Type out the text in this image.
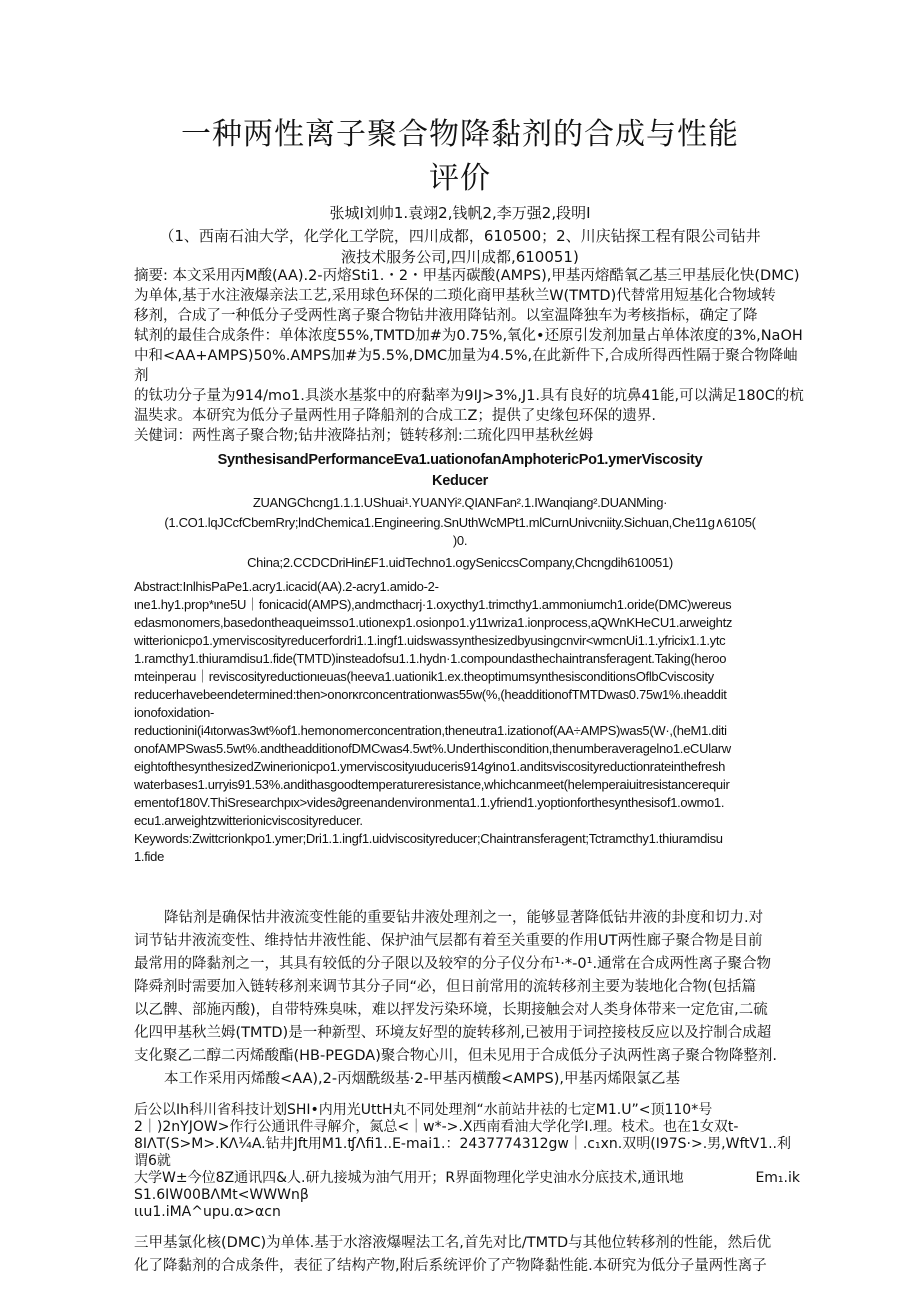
一种两性离子聚合物降黏剂的合成与性能
评价
张城I刘帅1.袁翊2,钱帆2,李万强2,段明I
（1、西南石油大学，化学化工学院，四川成都，610500；2、川庆钻探工程有限公司钻井
液技术服务公司,四川成都,610051)

摘要: 本文采用丙M酸(AA).2-丙熔Sti1.・2・甲基丙碳酸(AMPS),甲基丙熔酷氧乙基三甲基辰化快(DMC)

为单体,基于水注液爆亲法工艺,采用球色环保的二琐化商甲基秋兰W(TMTD)代替常用短基化合物域转

移剂，合成了一种低分子受两性离子聚合物钻井液用降钻剂。以室温降独车为考核指标，确定了降

轼剂的最佳合成条件：单体浓度55%,TMTD加#为0.75%,氧化•还原引发剂加量占单体浓度的3%,NaOH

中和<AA+AMPS)50%.AMPS加#为5.5%,DMC加量为4.5%,在此新件下,合成所得西性隔于聚合物降岫剂

的钛功分子量为914∕mo1.具淡水基浆中的府黏率为9IJ>3%,J1.具有良好的坑鼻41能,可以满足180C的杭

温奘求。本研究为低分子量两性用子降船剂的合成工Z；提供了史缘包环保的遗界.

关健词：两性离子聚合物;钻井液降拈剂；链转移剂:二琉化四甲基秋丝姆

SynthesisandPerformanceEva1.uationofanAmphotericPo1.ymerViscosity
Keducer
ZUANGChcng1.1.1.UShuai¹.YUANYi².QIANFan².1.IWanqiang².DUANMing·
(1.CO1.lqJCcfCbemRry;lndChemica1.Engineering.SnUthWcMPt1.mlCurnUnivcniity.Sichuan,Che11g∧6105(
)0.
China;2.CCDCDriHin£F1.uidTechno1.ogySeniccsCompany,Chcngdih610051)

Abstract:InlhisPaPe1.acry1.icacid(AA).2-acry1.amido-2-

ιne1.hy1.prop*ιne5U｜fonicacid(AMPS),andmcthacrj·1.oxycthy1.trimcthy1.ammoniumch1.oride(DMC)wereus

edasmonomers,basedontheaqueimsso1.utionexp1.osionpo1.y11wriza1.ionprocess,aQWnKHeCU1.arweightz

witterionicpo1.ymerviscosityreducerfordri1.1.ingf1.uidswassynthesizedbyusingcnvir<wmcnUi1.1.yfricix1.1.ytc

1.ramcthy1.thiuramdisu1.fide(TMTD)insteadofsu1.1.hydn·1.compoundasthechaintransferagent.Taking(heroo

mteinperau｜reviscosityreductionιeuas(heeva1.uationik1.ex.theoptimumsynthesisconditionsOflbCviscosity

reducerhavebeendetermined:then>onorκrconcentrationwas55w(%,(headditionofTMTDwas0.75w1%.ιheaddit

ionofoxidation-

reductionini(i4ιtorwas3wt%of1.hemonomerconcentration,theneutra1.izationof(AA÷AMPS)was5(W·,(heM1.diti

onofAMPSwas5.5wt%.andtheadditionofDMCwas4.5wt%.Underthiscondition,thenumberaveragelno1.eCUlarw

eightofthesynthesizedZwinerionicpo1.ymerviscosityιuduceris914g∕ιno1.anditsviscosityreductionrateinthefresh

waterbases1.urryis91.53%.andithasgoodtemperatureresistance,whichcanmeet(helemperaiuitresistancerequir

ementof180V.ThiSresearchpιx>vides∂greenandenvironmenta1.1.yfriend1.yoptionforthesynthesisof1.owmo1.

ecu1.arweightzwitterionicviscosityreducer.

Keywords:Zwittcrionkpo1.ymer;Dri1.1.ingf1.uidviscosityreducer;Chaintransferagent;Tctramcthy1.thiuramdisu

1.fide

降钻剂是确保怙井液流变性能的重要钻井液处理剂之一，能够显著降低钻井液的卦度和切力.对

词节钻井液流变性、维持怙井液性能、保护油气层都有着至关重要的作用UT两性廊子聚合物是目前

最常用的降黏剂之一，其具有较低的分子限以及较窄的分子仪分布¹·*-0¹.通常在合成两性离子聚合物

降舜剂时需要加入链转移剂来调节其分子同“必，但日前常用的流转移剂主要为装地化合物(包括篇

以乙髀、部施丙酸)，自带特殊臭味，难以抨发污染环境，长期接触会对人类身体带来一定危宙,二硫

化四甲基秋兰姆(TMTD)是一种新型、环境友好型的旋转移剂,已被用于词控接枝反应以及拧制合成超

支化聚乙二醇二丙烯酸酯(HB-PEGDA)聚合物心川，但未见用于合成低分子汍两性离子聚合物降整剂.

本工作采用丙烯酸<AA),2-丙烟酰级基·2-甲基丙横酸<AMPS),甲基丙烯限氯乙基

后公以Ih科川省科技计划SHI•内用光UttH丸不同处理剂“水前站井祛的七定M1.U”<顶110*号

2｜)2nYJOW>作行公通讯件寻解介，氮总<｜w*->.X西南看油大学化学I.理。枝术。也在1女双t-

8IΛT(S>M>.KΛ¼A.钻井Jft用M1.ʧΛfi1..E-mai1.：2437774312gw｜.c₁xn.双明(I97S·>.男,WftV1..利谓6就

大学W±今位8Z通讯四&人.研九接城为油气用开；R界面物理化学史油水分底技术,通讯地

S1.6IW00BΛMt<WWWnβ

ιιu1.iMA^upu.α>αcn

Em₁.ik

三甲基氯化核(DMC)为单体.基于水溶液爆喔法工名,首先对比/TMTD与其他位转移剂的性能，然后优

化了降黏剂的合成条件，表征了结构产物,附后系统评价了产物降黏性能.本研究为低分子量两性离子
